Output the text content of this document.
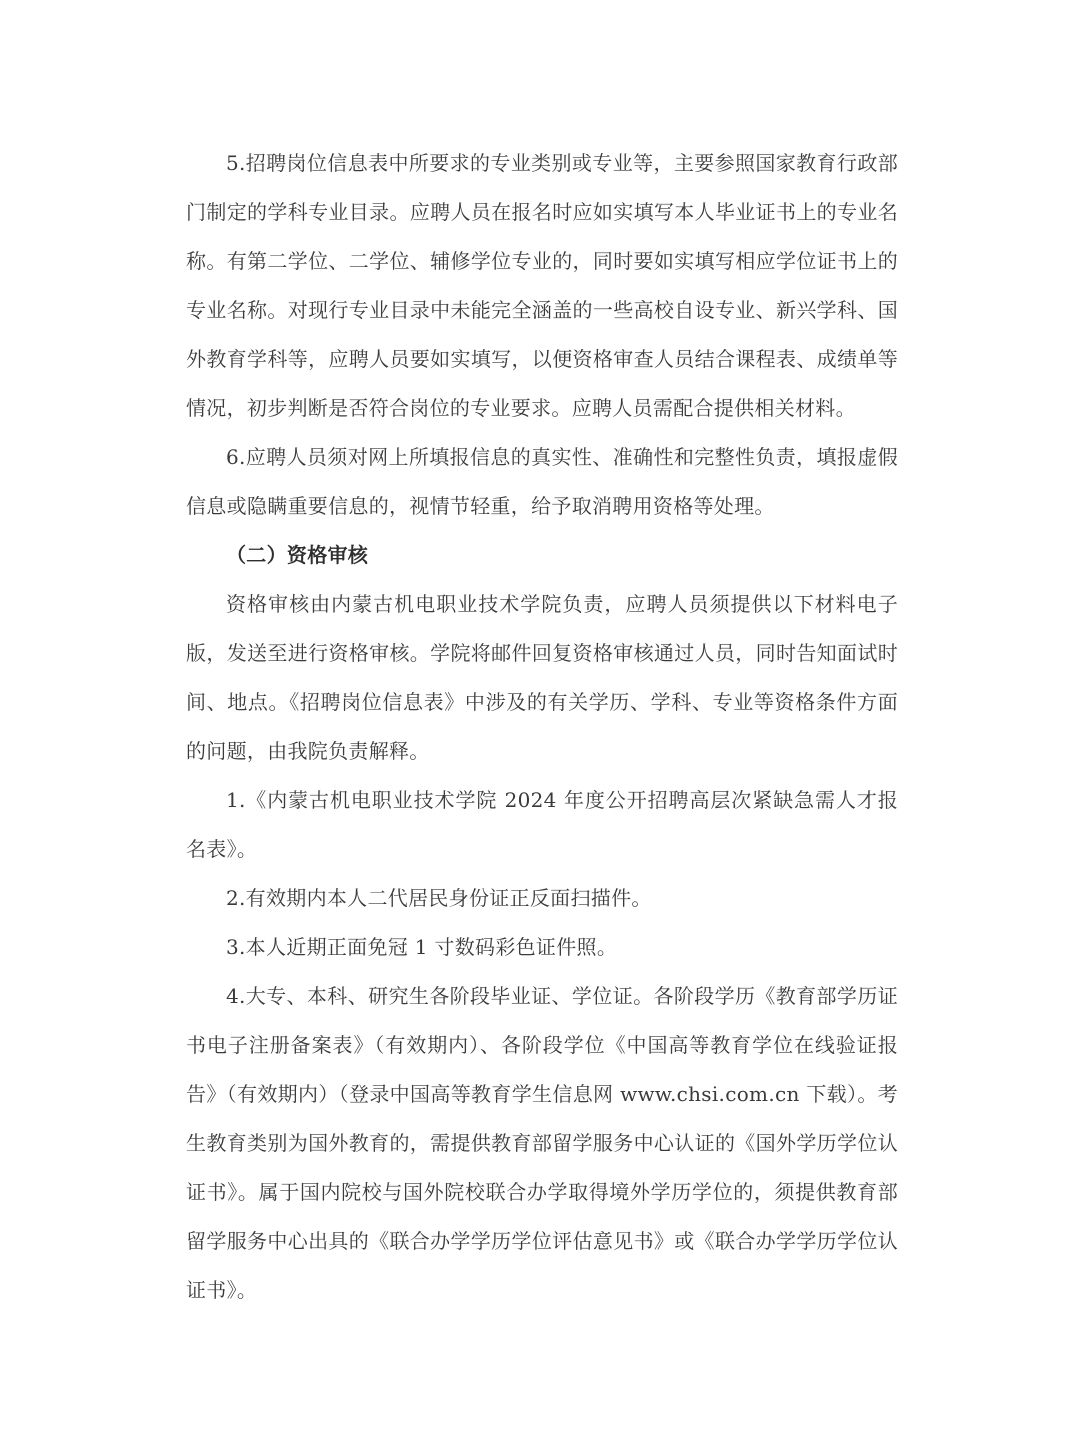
5.招聘岗位信息表中所要求的专业类别或专业等，主要参照国家教育行政部门制定的学科专业目录。应聘人员在报名时应如实填写本人毕业证书上的专业名称。有第二学位、二学位、辅修学位专业的，同时要如实填写相应学位证书上的专业名称。对现行专业目录中未能完全涵盖的一些高校自设专业、新兴学科、国外教育学科等，应聘人员要如实填写，以便资格审查人员结合课程表、成绩单等情况，初步判断是否符合岗位的专业要求。应聘人员需配合提供相关材料。

6.应聘人员须对网上所填报信息的真实性、准确性和完整性负责，填报虚假信息或隐瞒重要信息的，视情节轻重，给予取消聘用资格等处理。

（二）资格审核

资格审核由内蒙古机电职业技术学院负责，应聘人员须提供以下材料电子版，发送至进行资格审核。学院将邮件回复资格审核通过人员，同时告知面试时间、地点。《招聘岗位信息表》中涉及的有关学历、学科、专业等资格条件方面的问题，由我院负责解释。

1.《内蒙古机电职业技术学院 2024 年度公开招聘高层次紧缺急需人才报名表》。

2.有效期内本人二代居民身份证正反面扫描件。

3.本人近期正面免冠 1 寸数码彩色证件照。

4.大专、本科、研究生各阶段毕业证、学位证。各阶段学历《教育部学历证书电子注册备案表》（有效期内）、各阶段学位《中国高等教育学位在线验证报告》（有效期内）（登录中国高等教育学生信息网 www.chsi.com.cn 下载）。考生教育类别为国外教育的，需提供教育部留学服务中心认证的《国外学历学位认证书》。属于国内院校与国外院校联合办学取得境外学历学位的，须提供教育部留学服务中心出具的《联合办学学历学位评估意见书》或《联合办学学历学位认证书》。
